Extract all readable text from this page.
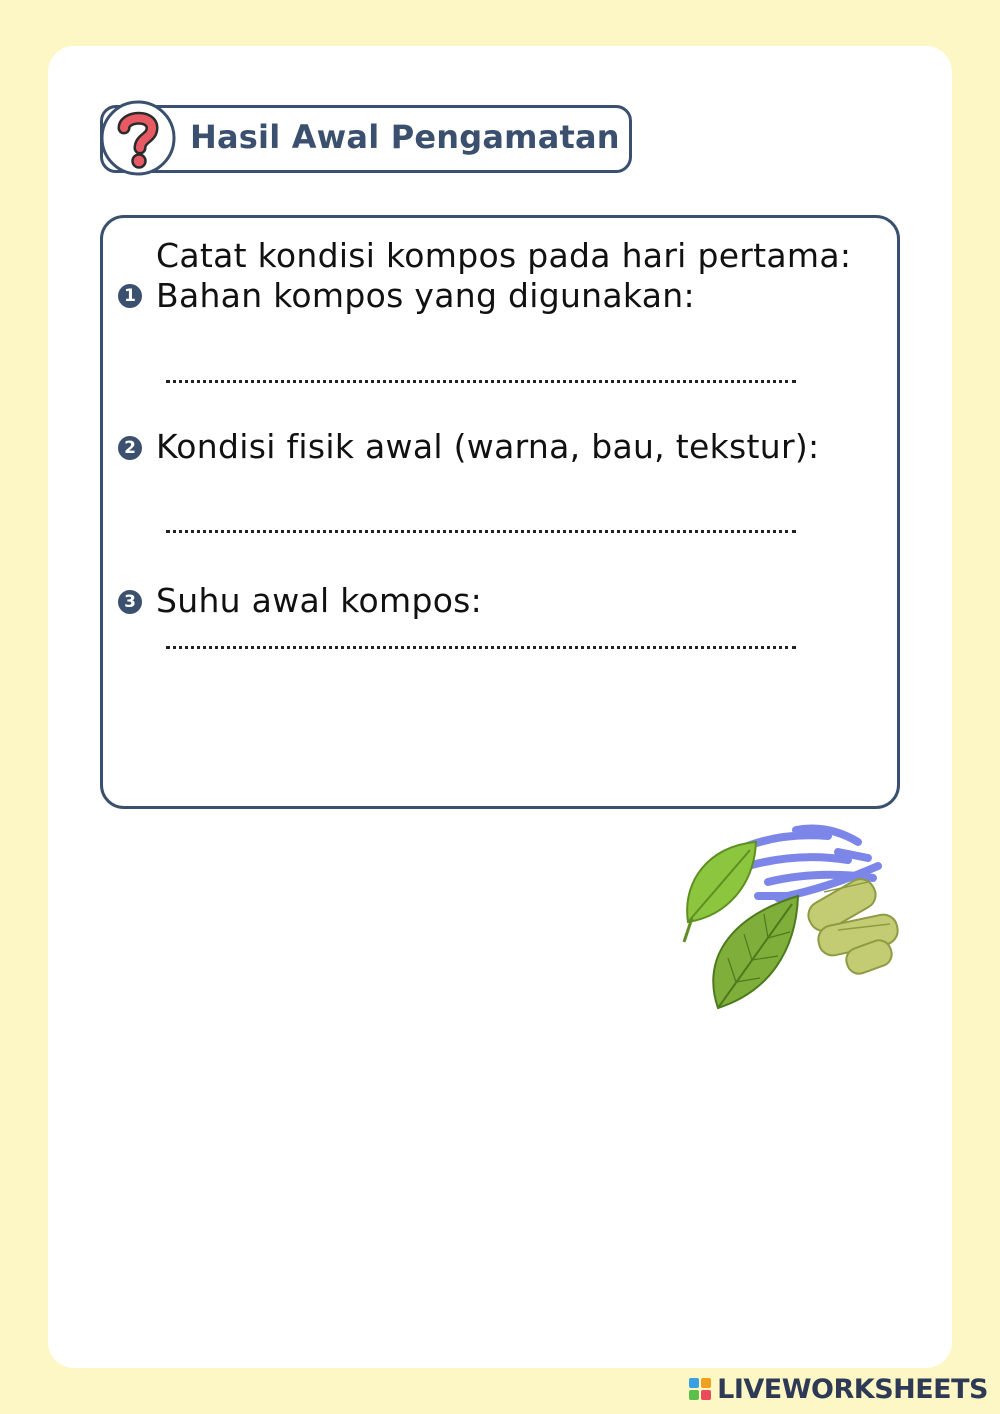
Hasil Awal Pengamatan
Catat kondisi kompos pada hari pertama:
1 Bahan kompos yang digunakan:
2 Kondisi fisik awal (warna, bau, tekstur):
3 Suhu awal kompos:
LIVEWORKSHEETS
